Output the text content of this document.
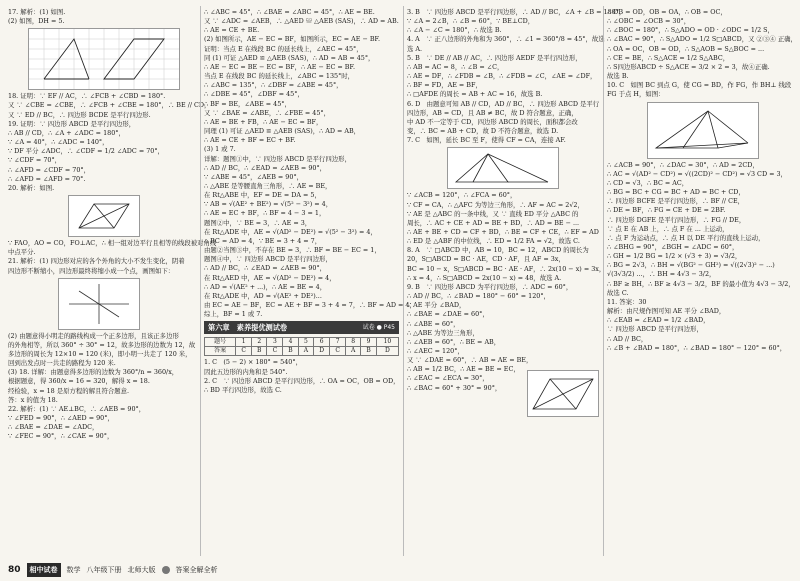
17. 解析：(1) 如图.
(2) 如图，DH = 5.
18. 证明：∵ EF // AC，∴ ∠FCB + ∠CBD = 180°.
又 ∵ ∠CBE = ∠CBE，∴ ∠FCB + ∠CBE = 180°，∴ BE // CD，
又 ∵ ED // BC，∴ 四边形 BCDE 是平行四边形.
19. 证明：∵ 四边形 ABCD 是平行四边形，
∴ AB // CD，∴ ∠A + ∠ADC = 180°，
∵ ∠A = 40°，∴ ∠ADC = 140°，
∵ DF 平分 ∠ADC，∴ ∠CDF = 1/2 ∠ADC = 70°，
∵ ∠CDF = 70°，
∴ ∠AFD = ∠CDF = 70°，
∴ ∠AFD = ∠AFD = 70°.
20. 解析：如图.
∵ FAO，AO = CO，FO⊥AC，∴ 相一组对边平行且相等的线段被对角线
中点平分.
21. 解析：(1) 四边形对应的各个外角的大小不发生变化，阴着
四边形不断缩小，四边形最终将缩小成一个点，画图如下：
(2) 由题意得小明走的路线构成一个正多边形，且该正多边形
的外角相等，所以 360° ÷ 30° = 12，故多边形的边数为 12，故
多边形的周长为 12×10 = 120 (米)，即小明一共走了 120 米，
回到出发点时一共走的路程为 120 米.
(3) 18. 详解：由题意得多边形的边数为 360°/n = 360/x，
根据题意，得 360/x = 16 = 320，解得 x = 18.
经检验，x = 18 是原方程的解且符合题意.
答：x 的值为 18.
22. 解析：(1) ∵ AE⊥BC，∴ ∠AEB = 90°，
∵ ∠FED = 90°，∴ ∠AED = 90°，
∴ ∠BAE = ∠DAE = ∠ADC，
∵ ∠FEC = 90°，∴ ∠CAE = 90°，
∴ ∠ABC = 45°，∴ ∠BAE = ∠ABC = 45°，∴ AE = BE.
又 ∵ ∠ADC = ∠AEB，∴ △AED ≌ △AEB (SAS)，∴ AD = AB.
∴ AE = CE + BE.
(2) 如图所示，AE − EC = BF，如图所示，EC = AE − BF.
证明：当点 E 在线段 BC 的延长线上，∠AEC = 45°，
同 (1) 可证 △AED ≌ △AEB (SAS)，∴ AD = AB = 45°，
∴ AE − EC = BE − EC = BF，∴ AE − EC = BF.
当点 E 在线段 BC 的延长线上，∠ABC = 135°时，
∴ ∠ABC = 135°，∴ ∠DBF = ∠ABE = 45°，
∴ ∠DBE = 45°，∠DBF = 45°，
∴ BF = BE，∠ABE = 45°，
又 ∵ ∠BAE = ∠ABE，∴ ∠FBE = 45°，
∴ AE = BE + FB，∴ AE − EC = BF，
同理 (1) 可证 △AED ≌ △AEB (SAS)，∴ AD = AB，
∴ AE = CE + BF = EC + BF.
(3) 1 或 7.
详解：题图①中，∵ 四边形 ABCD 是平行四边形，
∴ AD // BC，∴ ∠EAD = ∠AEB = 90°，
∵ ∠ABE = 45°，∠AEB = 90°，
∴ △ABE 是等腰直角三角形，∴ AE = BE，
在 Rt△ABE 中，EF = DE = DA = 5，
∵ AB = √(AE² + BE²) = √(5² − 3²) = 4，
∴ AE = EC + BF，∴ BF = 4 − 3 = 1，
题图②中，∵ BE = 3，∴ AE = 3，
在 Rt△ADE 中，AE = √(AD² − DE²) = √(5² − 3²) = 4，
∴ BC = AD = 4，∵ BE = 3 + 4 = 7，
由题②当图③中，不存在 BE = 3，∴ BF = BE − EC = 1，
题图④中，∵ 四边形 ABCD 是平行四边形，
∴ AD // BC，∴ ∠EAD = ∠AEB = 90°，
在 Rt△AED 中，AE = √(AD² − DE²) = 4，
∴ AD = √(AE² + ...)，∴ AE = BE = 4，
在 Rt△ADE 中，AD = √(AE² + DE²)...
由 EC = AE − BF，EC = AE + BF = 3 + 4 = 7，∴ BF = AD = 4，
综上，BF = 1 或 7.
第六章　素养提优测试卷	试卷 ● P45
题号	1	2	3	4	5	6	7	8	9	10
答案	C	B	C	B	A	D	C	A	B	D
1. C　(5 − 2) × 180° = 540°，
因此五边形的内角和是 540°.
2. C　∵ 四边形 ABCD 是平行四边形，∴ OA = OC，OB = OD，
∴ BD 平行四边形，故选 C.
3. B　∵ 四边形 ABCD 是平行四边形，∴ AD // BC，∠A + ∠B = 180°，
∵ ∠A = 2∠B，∴ ∠B = 60°，∵ BE⊥CD，
∴ ∠A − ∠C = 180°，∴ 故选 B.
4. A　∵ 正八边形的外角和为 360°，∴ ∠1 = 360°/8 = 45°，故选
选 A.
5. B　∵ DE // AB // AC，∴ 四边形 AEDF 是平行四边形，
∴ AB = AC = 8，∴ ∠B = ∠C，
∴ AE = DF，∴ ∠FDB = ∠B，∴ ∠FDB = ∠C，∠AE = ∠DF，
∴ BF = FD，AE = BF，
∴ □AFDE 的周长 = AB + AC = 16，故选 B.
6. D　由题意可知 AB // CD，AD // BC，∴ 四边形 ABCD 是平行
四边形，AB = CD，且 AB ≠ BC，故 D 符合题意，正确，
中 AD 不一定等于 CD，四边形 ABCD 的周长，面积都会改
变，∴ BC = AB + CD，故 D 不符合题意，故选 D.
7. C　如图，延长 BC 至 F，使得 CF = CA，连接 AF.
∵ ∠ACB = 120°，∴ ∠FCA = 60°，
∵ CF = CA，∴ △AFC 为等边三角形，∴ AF = AC = 2√2，
∵ AE 是 △ABC 的一条中线，又 ∵ 直线 ED 平分 △ABC 的
周长，∴ AC + CE + AD = BE + BD，∴ AD = BE − ...
∴ AE + BE + CD = CF + BD，∴ BE = CF + CE，∴ EF = AD
∴ ED 是 △ABF 的中位线，∴ ED = 1/2 FA = √2，故选 C.
8. A　∵ □ABCD 中，AB = 10，BC = 12，ABCD 的周长为
20，S□ABCD = BC · AE，CD · AF，且 AF = 3x，
BC = 10 − x，S□ABCD = BC · AE · AF，∴ 2x(10 − x) = 3x，
∴ x = 4，∴ S□ABCD = 2x(10 − x) = 48，故选 A.
9. B　∵ 四边形 ABCD 为平行四边形，∴ ADC = 60°，
∴ AD // BC，∴ ∠BAD = 180° − 60° = 120°，
∵ AE 平分 ∠BAD，
∴ ∠BAE = ∠DAE = 60°，
∴ ∠ABE = 60°，
∴ △ABE 为等边三角形，
∴ ∠AEB = 60°，∴ BE = AB，
∴ ∠AEC = 120°，
又 ∵ ∠DAE = 60°，∴ AB = AE = BE，
∴ AB = 1/2 BC，∴ AE = BE = EC，
∴ ∠EAC = ∠ECA = 30°，
∴ ∠BAC = 60° + 30° = 90°，
∴ OB = OD，OB = OA，∴ OB = OC，
∴ ∠OBC = ∠OCB = 30°，
∴ ∠BOC = 180°，∴ S△ADO = OD · ∠ODC = 1/2 S，
∴ ∠BAC = 90°，∴ S△ADO = 1/2 S□ABCD，又 ②③④ 正确，
∴ OA = OC，OB = OD，∴ S△AOB = S△BOC = ...
∴ CE = BE，∴ S△ACE = 1/2 S△ABC，
∴ S四边形ABCD ÷ S△ACE = 3/2 × 2 = 3，故④正确.
故选 B.
10. C　如图 BC 到点 G，使 CG = BD，作 FG，作 BH⊥ 线段
FG 于点 H，如图：
∴ ∠ACB = 90°，∴ ∠DAC = 30°，∴ AD = 2CD，
∴ AC = √(AD² − CD²) = √((2CD)² − CD²) = √3 CD = 3，
∴ CD = √3，∴ BC = AC，
∴ BG = BC + CG = BC + AD = BC + CD，
∴ 四边形 BCFE 是平行四边形，∴ BF // CE，
∴ DE = BF，∴ FG = CE + DE = 2BF.
∴ 四边形 DGFE 是平行四边形，∴ FG // DE，
∵ 点 E 在 AB 上，∴ 点 F 在 ... 上运动，
∴ 点 F 为运动点，∴ 点 H 以 DE 平行的直线上运动，
∴ ∠BHG = 90°，∠BGH = ∠ADC = 60°，
∴ GH = 1/2 BG = 1/2 × (√3 + 3) = √3/2，
∴ BG = 2√3，∴ BH = √(BG² − GH²) = √((2√3)² − ...)
√(3√3/2) ...，∴ BH = 4√3 − 3/2，
∴ BF ≥ BH，∴ BF ≥ 4√3 − 3/2，BF 的最小值为 4√3 − 3/2，
故选 C.
11. 答案：30
解析：由尺规作图可知 AE 平分 ∠BAD，
∴ ∠EAB = ∠EAD = 1/2 ∠BAD，
∵ 四边形 ABCD 是平行四边形，
∴ AD // BC，
∴ ∠B + ∠BAD = 180°，∴ ∠BAD = 180° − 120° = 60°，
80	相中试卷	数学 八年级下册 北师大版	答案全解全析
